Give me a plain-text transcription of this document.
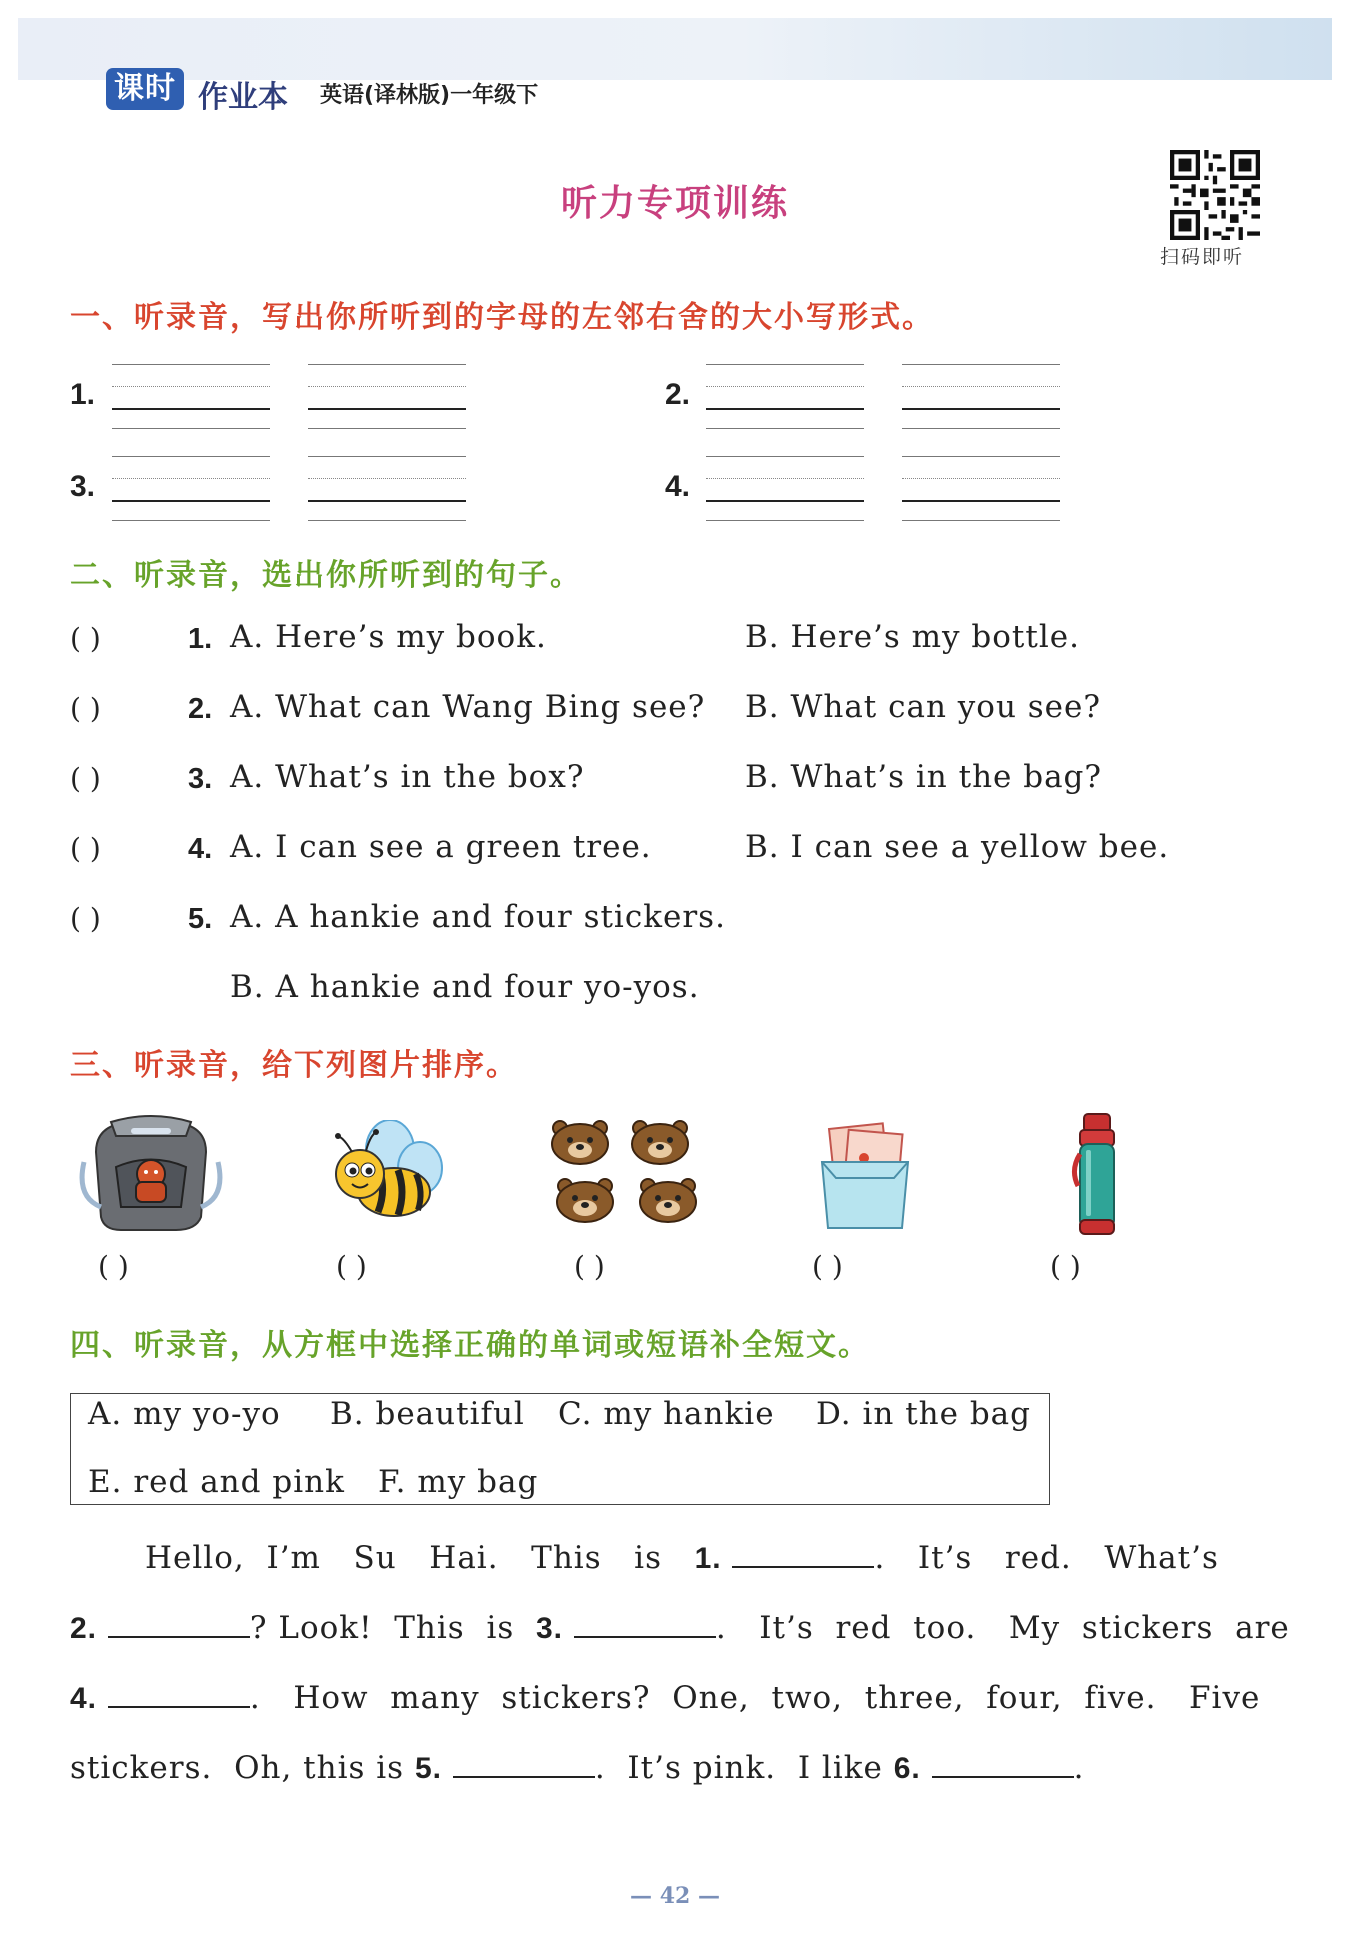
课时 作业本 英语(译林版)一年级下
听力专项训练
扫码即听
一、听录音，写出你所听到的字母的左邻右舍的大小写形式。
1.	2.
3.	4.
二、听录音，选出你所听到的句子。
( )	1. A. Here’s my book.	B. Here’s my bottle.
( )	2. A. What can Wang Bing see? B. What can you see?
( )	3. A. What’s in the box?	B. What’s in the bag?
( )	4. A. I can see a green tree.	B. I can see a yellow bee.
( )	5. A. A hankie and four stickers.
B. A hankie and four yo-yos.
三、听录音，给下列图片排序。
( )	( )	( )	( )	( )
四、听录音，从方框中选择正确的单词或短语补全短文。
A. my yo-yo B. beautiful C. my hankie D. in the bag
E. red and pink F. my bag
Hello, I’m Su Hai. This is 1.	. It’s red. What’s
2.	? Look! This is 3.	. It’s red too. My stickers are
4.	. How many stickers? One, two, three, four, five. Five
stickers. Oh, this is 5.	. It’s pink. I like 6.	.
— 42 —
